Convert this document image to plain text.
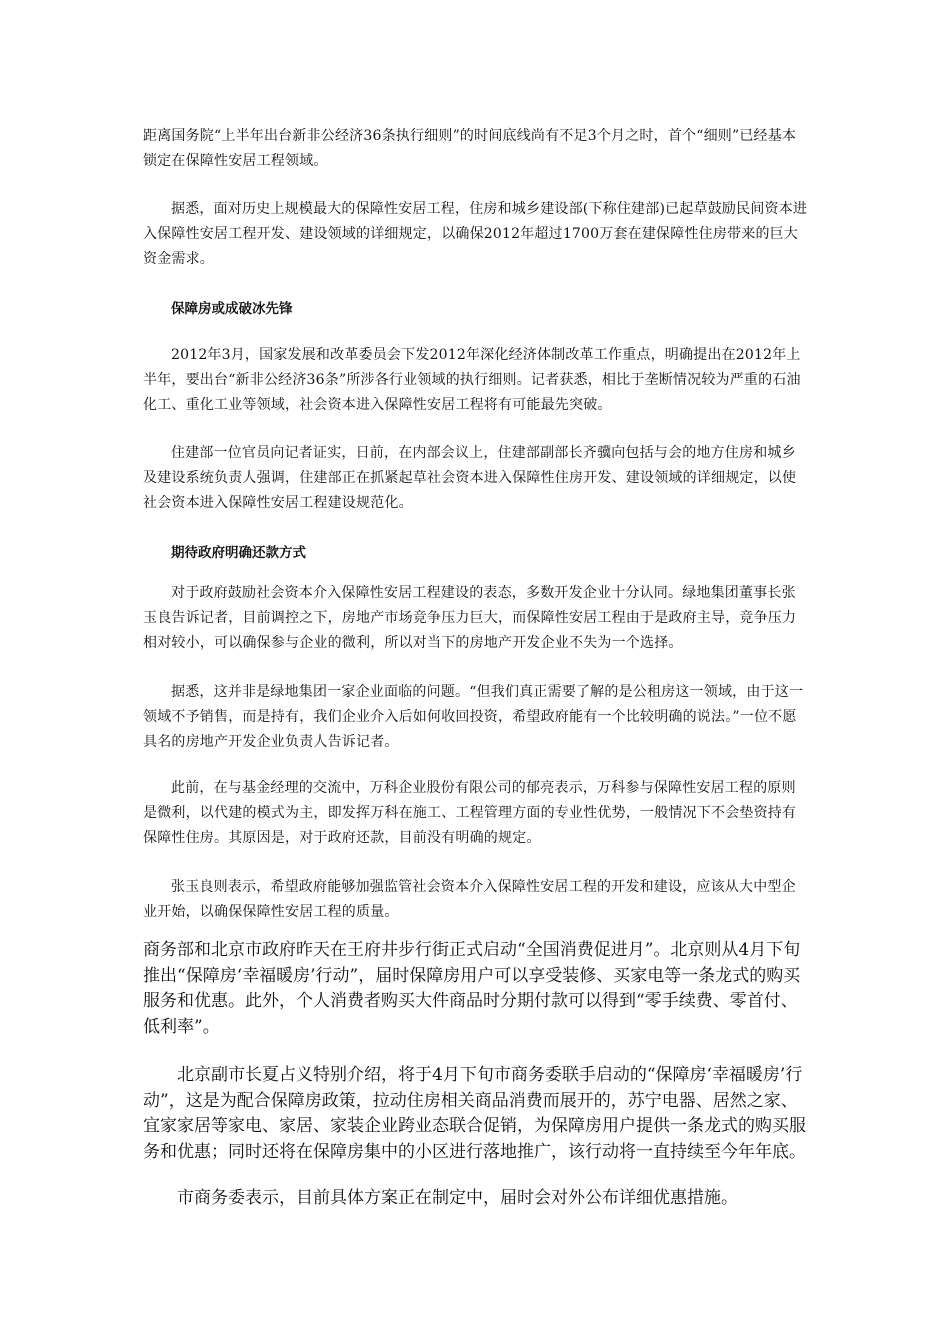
距离国务院“上半年出台新非公经济36条执行细则”的时间底线尚有不足3个月之时，首个“细则”已经基本锁定在保障性安居工程领域。

据悉，面对历史上规模最大的保障性安居工程，住房和城乡建设部(下称住建部)已起草鼓励民间资本进入保障性安居工程开发、建设领域的详细规定，以确保2012年超过1700万套在建保障性住房带来的巨大资金需求。

保障房或成破冰先锋

2012年3月，国家发展和改革委员会下发2012年深化经济体制改革工作重点，明确提出在2012年上半年，要出台“新非公经济36条”所涉各行业领域的执行细则。记者获悉，相比于垄断情况较为严重的石油化工、重化工业等领域，社会资本进入保障性安居工程将有可能最先突破。

住建部一位官员向记者证实，日前，在内部会议上，住建部副部长齐骥向包括与会的地方住房和城乡及建设系统负责人强调，住建部正在抓紧起草社会资本进入保障性住房开发、建设领域的详细规定，以使社会资本进入保障性安居工程建设规范化。

期待政府明确还款方式

对于政府鼓励社会资本介入保障性安居工程建设的表态，多数开发企业十分认同。绿地集团董事长张玉良告诉记者，目前调控之下，房地产市场竞争压力巨大，而保障性安居工程由于是政府主导，竞争压力相对较小，可以确保参与企业的微利，所以对当下的房地产开发企业不失为一个选择。

据悉，这并非是绿地集团一家企业面临的问题。“但我们真正需要了解的是公租房这一领域，由于这一领域不予销售，而是持有，我们企业介入后如何收回投资，希望政府能有一个比较明确的说法。”一位不愿具名的房地产开发企业负责人告诉记者。

此前，在与基金经理的交流中，万科企业股份有限公司的郁亮表示，万科参与保障性安居工程的原则是微利，以代建的模式为主，即发挥万科在施工、工程管理方面的专业性优势，一般情况下不会垫资持有保障性住房。其原因是，对于政府还款，目前没有明确的规定。

张玉良则表示，希望政府能够加强监管社会资本介入保障性安居工程的开发和建设，应该从大中型企业开始，以确保保障性安居工程的质量。

商务部和北京市政府昨天在王府井步行街正式启动“全国消费促进月”。北京则从4月下旬推出“保障房‘幸福暖房’行动”，届时保障房用户可以享受装修、买家电等一条龙式的购买服务和优惠。此外，个人消费者购买大件商品时分期付款可以得到“零手续费、零首付、低利率”。

北京副市长夏占义特别介绍，将于4月下旬市商务委联手启动的“保障房‘幸福暖房’行动”，这是为配合保障房政策，拉动住房相关商品消费而展开的，苏宁电器、居然之家、宜家家居等家电、家居、家装企业跨业态联合促销，为保障房用户提供一条龙式的购买服务和优惠；同时还将在保障房集中的小区进行落地推广，该行动将一直持续至今年年底。

市商务委表示，目前具体方案正在制定中，届时会对外公布详细优惠措施。
